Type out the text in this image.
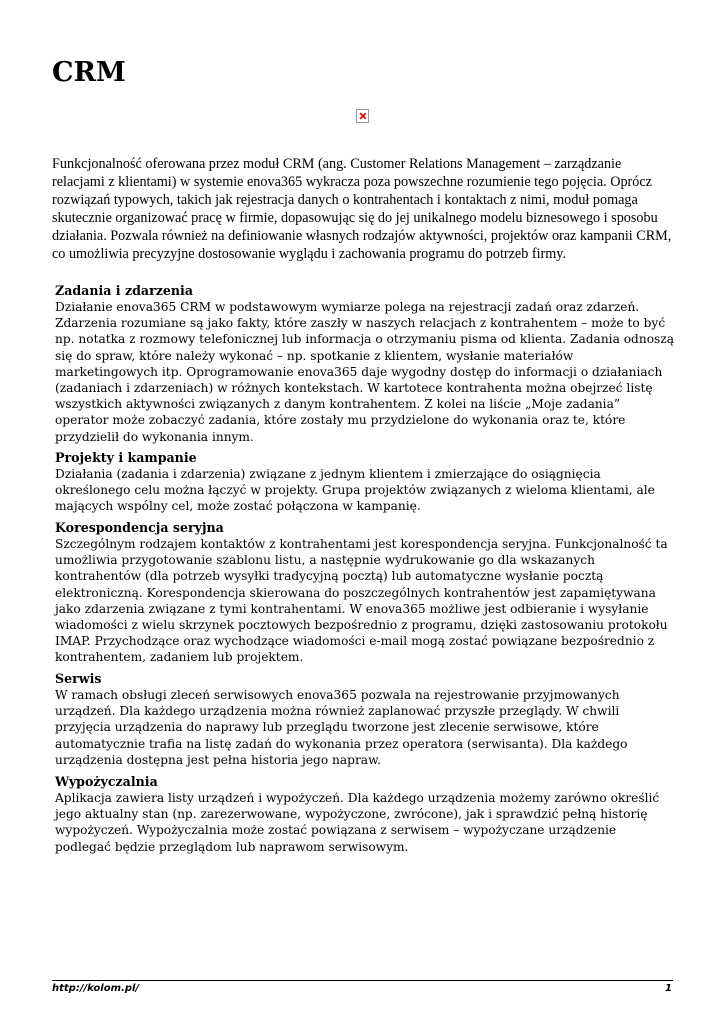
CRM

Funkcjonalność oferowana przez moduł CRM (ang. Customer Relations Management – zarządzanie relacjami z klientami) w systemie enova365 wykracza poza powszechne rozumienie tego pojęcia. Oprócz rozwiązań typowych, takich jak rejestracja danych o kontrahentach i kontaktach z nimi, moduł pomaga skutecznie organizować pracę w firmie, dopasowując się do jej unikalnego modelu biznesowego i sposobu działania. Pozwala również na definiowanie własnych rodzajów aktywności, projektów oraz kampanii CRM, co umożliwia precyzyjne dostosowanie wyglądu i zachowania programu do potrzeb firmy.

Zadania i zdarzenia

Działanie enova365 CRM w podstawowym wymiarze polega na rejestracji zadań oraz zdarzeń. Zdarzenia rozumiane są jako fakty, które zaszły w naszych relacjach z kontrahentem – może to być np. notatka z rozmowy telefonicznej lub informacja o otrzymaniu pisma od klienta. Zadania odnoszą się do spraw, które należy wykonać – np. spotkanie z klientem, wysłanie materiałów marketingowych itp. Oprogramowanie enova365 daje wygodny dostęp do informacji o działaniach (zadaniach i zdarzeniach) w różnych kontekstach. W kartotece kontrahenta można obejrzeć listę wszystkich aktywności związanych z danym kontrahentem. Z kolei na liście „Moje zadania” operator może zobaczyć zadania, które zostały mu przydzielone do wykonania oraz te, które przydzielił do wykonania innym.

Projekty i kampanie

Działania (zadania i zdarzenia) związane z jednym klientem i zmierzające do osiągnięcia określonego celu można łączyć w projekty. Grupa projektów związanych z wieloma klientami, ale mających wspólny cel, może zostać połączona w kampanię.

Korespondencja seryjna

Szczególnym rodzajem kontaktów z kontrahentami jest korespondencja seryjna. Funkcjonalność ta umożliwia przygotowanie szablonu listu, a następnie wydrukowanie go dla wskazanych kontrahentów (dla potrzeb wysyłki tradycyjną pocztą) lub automatyczne wysłanie pocztą elektroniczną. Korespondencja skierowana do poszczególnych kontrahentów jest zapamiętywana jako zdarzenia związane z tymi kontrahentami. W enova365 możliwe jest odbieranie i wysyłanie wiadomości z wielu skrzynek pocztowych bezpośrednio z programu, dzięki zastosowaniu protokołu IMAP. Przychodzące oraz wychodzące wiadomości e-mail mogą zostać powiązane bezpośrednio z kontrahentem, zadaniem lub projektem.

Serwis

W ramach obsługi zleceń serwisowych enova365 pozwala na rejestrowanie przyjmowanych urządzeń. Dla każdego urządzenia można również zaplanować przyszłe przeglądy. W chwili przyjęcia urządzenia do naprawy lub przeglądu tworzone jest zlecenie serwisowe, które automatycznie trafia na listę zadań do wykonania przez operatora (serwisanta). Dla każdego urządzenia dostępna jest pełna historia jego napraw.

Wypożyczalnia

Aplikacja zawiera listy urządzeń i wypożyczeń. Dla każdego urządzenia możemy zarówno określić jego aktualny stan (np. zarezerwowane, wypożyczone, zwrócone), jak i sprawdzić pełną historię wypożyczeń. Wypożyczalnia może zostać powiązana z serwisem – wypożyczane urządzenie podlegać będzie przeglądom lub naprawom serwisowym.

http://kolom.pl/	1
